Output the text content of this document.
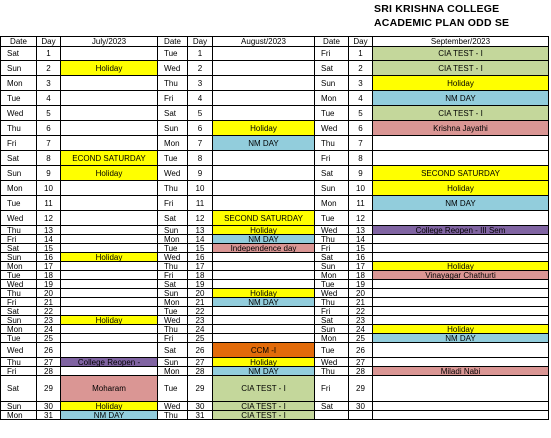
SRI KRISHNA COLLEGE
ACADEMIC PLAN ODD SE
Date	Day	July/2023	Date	Day	August/2023	Date	Day	September/2023
Sat	1		Tue	1		Fri	1	CIA TEST - I
Sun	2	Holiday	Wed	2		Sat	2	CIA TEST - I
Mon	3		Thu	3		Sun	3	Holiday
Tue	4		Fri	4		Mon	4	NM DAY
Wed	5		Sat	5		Tue	5	CIA TEST - I
Thu	6		Sun	6	Holiday	Wed	6	Krishna Jayathi
Fri	7		Mon	7	NM DAY	Thu	7	
Sat	8	ECOND SATURDAY	Tue	8		Fri	8	
Sun	9	Holiday	Wed	9		Sat	9	SECOND SATURDAY
Mon	10		Thu	10		Sun	10	Holiday
Tue	11		Fri	11		Mon	11	NM DAY
Wed	12		Sat	12	SECOND SATURDAY	Tue	12	
Thu	13		Sun	13	Holiday	Wed	13	College Reopen - III Sem
Fri	14		Mon	14	NM DAY	Thu	14	
Sat	15		Tue	15	Independence day	Fri	15	
Sun	16	Holiday	Wed	16		Sat	16	
Mon	17		Thu	17		Sun	17	Holiday
Tue	18		Fri	18		Mon	18	Vinayagar Chathurti
Wed	19		Sat	19		Tue	19	
Thu	20		Sun	20	Holiday	Wed	20	
Fri	21		Mon	21	NM DAY	Thu	21	
Sat	22		Tue	22		Fri	22	
Sun	23	Holiday	Wed	23		Sat	23	
Mon	24		Thu	24		Sun	24	Holiday
Tue	25		Fri	25		Mon	25	NM DAY
Wed	26		Sat	26	CCM -I	Tue	26	
Thu	27	College Reopen -	Sun	27	Holiday	Wed	27	
Fri	28		Mon	28	NM DAY	Thu	28	Miladi Nabi
Sat	29	Moharam	Tue	29	CIA TEST - I	Fri	29	
Sun	30	Holiday	Wed	30	CIA TEST - I	Sat	30	
Mon	31	NM DAY	Thu	31	CIA TEST - I			
